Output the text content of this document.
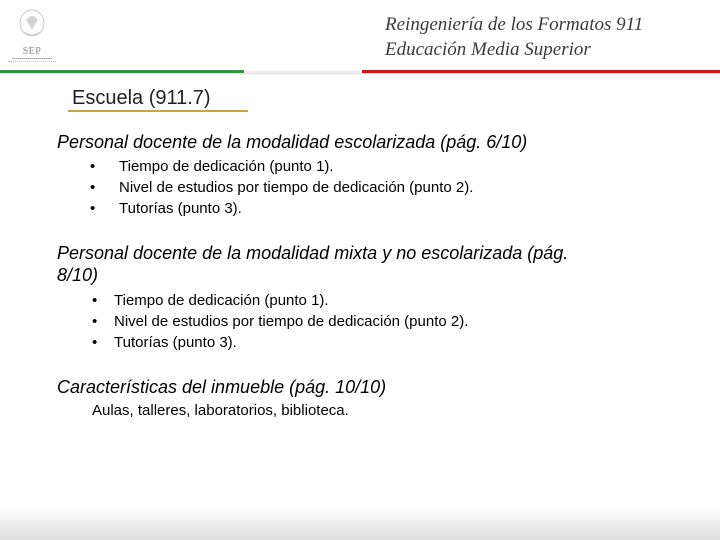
SEP
Reingeniería de los Formatos 911
Educación Media Superior
Escuela (911.7)
Personal docente de la modalidad escolarizada (pág. 6/10)
• Tiempo de dedicación (punto 1).
• Nivel de estudios por tiempo de dedicación (punto 2).
• Tutorías (punto 3).
Personal docente de la modalidad mixta y no escolarizada (pág.
8/10)
• Tiempo de dedicación (punto 1).
• Nivel de estudios por tiempo de dedicación (punto 2).
• Tutorías (punto 3).
Características del inmueble (pág. 10/10)
Aulas, talleres, laboratorios, biblioteca.
